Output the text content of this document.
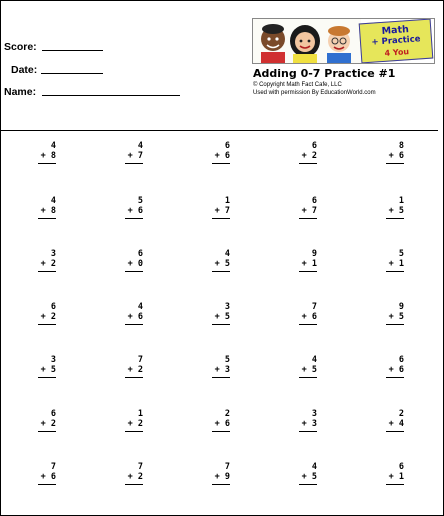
Score:
Date:
Name:
Math
+ Practice
4 You
Adding 0-7 Practice #1
© Copyright Math Fact Cafe, LLC
Used with permission By EducationWorld.com
4
+ 8
4
+ 7
6
+ 6
6
+ 2
8
+ 6
4
+ 8
5
+ 6
1
+ 7
6
+ 7
1
+ 5
3
+ 2
6
+ 0
4
+ 5
9
+ 1
5
+ 1
6
+ 2
4
+ 6
3
+ 5
7
+ 6
9
+ 5
3
+ 5
7
+ 2
5
+ 3
4
+ 5
6
+ 6
6
+ 2
1
+ 2
2
+ 6
3
+ 3
2
+ 4
7
+ 6
7
+ 2
7
+ 9
4
+ 5
6
+ 1
